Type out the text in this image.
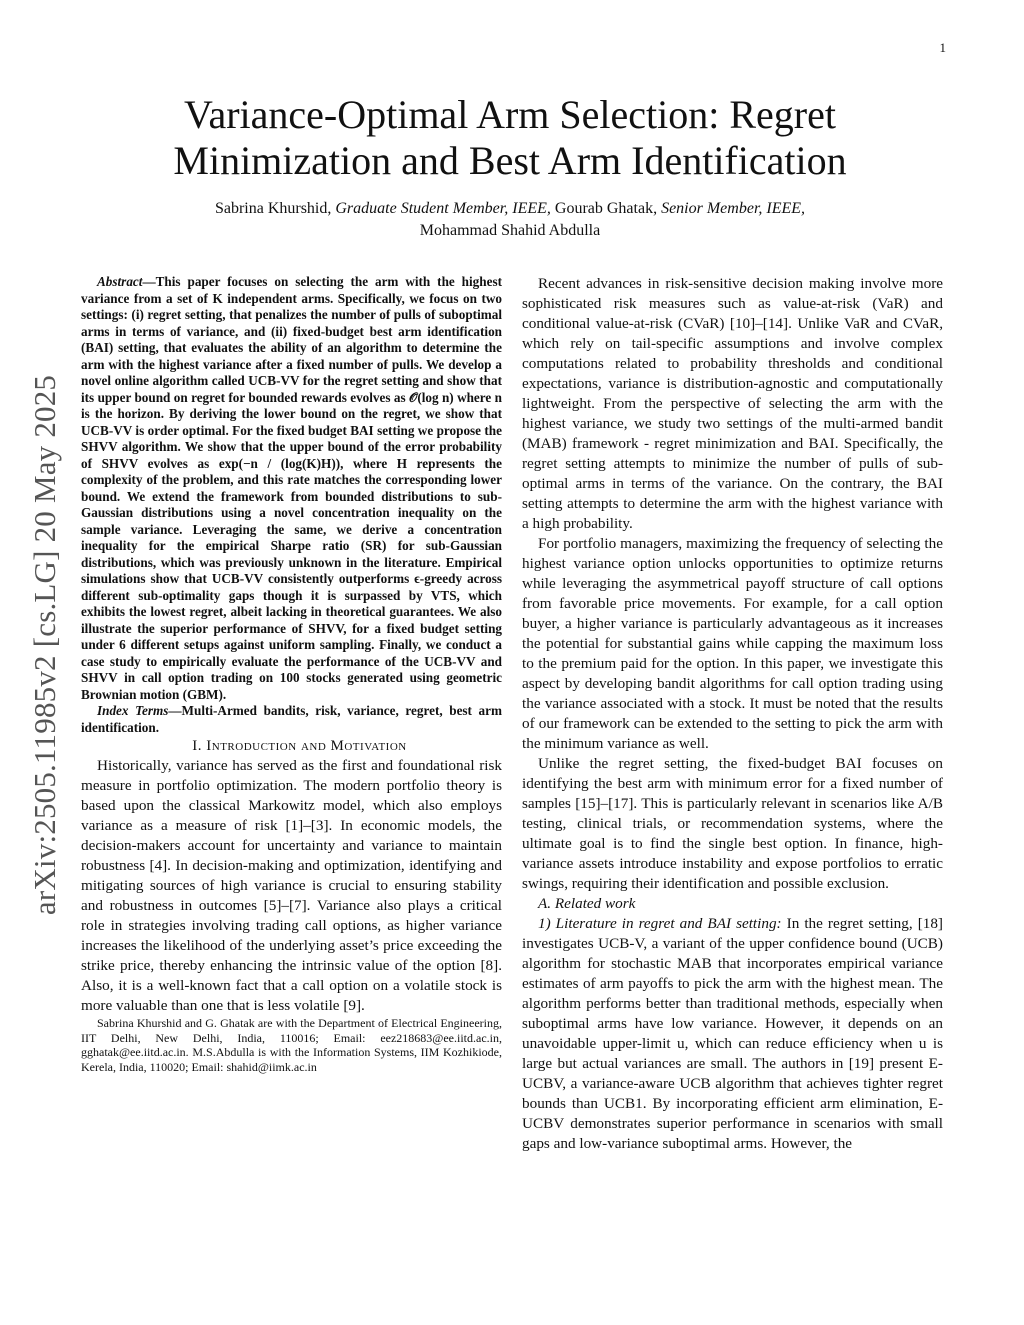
1
arXiv:2505.11985v2 [cs.LG] 20 May 2025
Variance-Optimal Arm Selection: Regret Minimization and Best Arm Identification
Sabrina Khurshid, Graduate Student Member, IEEE, Gourab Ghatak, Senior Member, IEEE,
Mohammad Shahid Abdulla

Abstract—This paper focuses on selecting the arm with the highest variance from a set of K independent arms. Specifically, we focus on two settings: (i) regret setting, that penalizes the number of pulls of suboptimal arms in terms of variance, and (ii) fixed-budget best arm identification (BAI) setting, that evaluates the ability of an algorithm to determine the arm with the highest variance after a fixed number of pulls. We develop a novel online algorithm called UCB-VV for the regret setting and show that its upper bound on regret for bounded rewards evolves as 𝒪(log n) where n is the horizon. By deriving the lower bound on the regret, we show that UCB-VV is order optimal. For the fixed budget BAI setting we propose the SHVV algorithm. We show that the upper bound of the error probability of SHVV evolves as exp(−n / (log(K)H)), where H represents the complexity of the problem, and this rate matches the corresponding lower bound. We extend the framework from bounded distributions to sub-Gaussian distributions using a novel concentration inequality on the sample variance. Leveraging the same, we derive a concentration inequality for the empirical Sharpe ratio (SR) for sub-Gaussian distributions, which was previously unknown in the literature. Empirical simulations show that UCB-VV consistently outperforms ϵ-greedy across different sub-optimality gaps though it is surpassed by VTS, which exhibits the lowest regret, albeit lacking in theoretical guarantees. We also illustrate the superior performance of SHVV, for a fixed budget setting under 6 different setups against uniform sampling. Finally, we conduct a case study to empirically evaluate the performance of the UCB-VV and SHVV in call option trading on 100 stocks generated using geometric Brownian motion (GBM).

Index Terms—Multi-Armed bandits, risk, variance, regret, best arm identification.

I. Introduction and Motivation

Historically, variance has served as the first and foundational risk measure in portfolio optimization. The modern portfolio theory is based upon the classical Markowitz model, which also employs variance as a measure of risk [1]–[3]. In economic models, the decision-makers account for uncertainty and variance to maintain robustness [4]. In decision-making and optimization, identifying and mitigating sources of high variance is crucial to ensuring stability and robustness in outcomes [5]–[7]. Variance also plays a critical role in strategies involving trading call options, as higher variance increases the likelihood of the underlying asset’s price exceeding the strike price, thereby enhancing the intrinsic value of the option [8]. Also, it is a well-known fact that a call option on a volatile stock is more valuable than one that is less volatile [9].

Sabrina Khurshid and G. Ghatak are with the Department of Electrical Engineering, IIT Delhi, New Delhi, India, 110016; Email: eez218683@ee.iitd.ac.in, gghatak@ee.iitd.ac.in. M.S.Abdulla is with the Information Systems, IIM Kozhikiode, Kerela, India, 110020; Email: shahid@iimk.ac.in

Recent advances in risk-sensitive decision making involve more sophisticated risk measures such as value-at-risk (VaR) and conditional value-at-risk (CVaR) [10]–[14]. Unlike VaR and CVaR, which rely on tail-specific assumptions and involve complex computations related to probability thresholds and conditional expectations, variance is distribution-agnostic and computationally lightweight. From the perspective of selecting the arm with the highest variance, we study two settings of the multi-armed bandit (MAB) framework - regret minimization and BAI. Specifically, the regret setting attempts to minimize the number of pulls of sub-optimal arms in terms of the variance. On the contrary, the BAI setting attempts to determine the arm with the highest variance with a high probability.

For portfolio managers, maximizing the frequency of selecting the highest variance option unlocks opportunities to optimize returns while leveraging the asymmetrical payoff structure of call options from favorable price movements. For example, for a call option buyer, a higher variance is particularly advantageous as it increases the potential for substantial gains while capping the maximum loss to the premium paid for the option. In this paper, we investigate this aspect by developing bandit algorithms for call option trading using the variance associated with a stock. It must be noted that the results of our framework can be extended to the setting to pick the arm with the minimum variance as well.

Unlike the regret setting, the fixed-budget BAI focuses on identifying the best arm with minimum error for a fixed number of samples [15]–[17]. This is particularly relevant in scenarios like A/B testing, clinical trials, or recommendation systems, where the ultimate goal is to find the single best option. In finance, high-variance assets introduce instability and expose portfolios to erratic swings, requiring their identification and possible exclusion.

A. Related work

1) Literature in regret and BAI setting: In the regret setting, [18] investigates UCB-V, a variant of the upper confidence bound (UCB) algorithm for stochastic MAB that incorporates empirical variance estimates of arm payoffs to pick the arm with the highest mean. The algorithm performs better than traditional methods, especially when suboptimal arms have low variance. However, it depends on an unavoidable upper-limit u, which can reduce efficiency when u is large but actual variances are small. The authors in [19] present E-UCBV, a variance-aware UCB algorithm that achieves tighter regret bounds than UCB1. By incorporating efficient arm elimination, E-UCBV demonstrates superior performance in scenarios with small gaps and low-variance suboptimal arms. However, the
